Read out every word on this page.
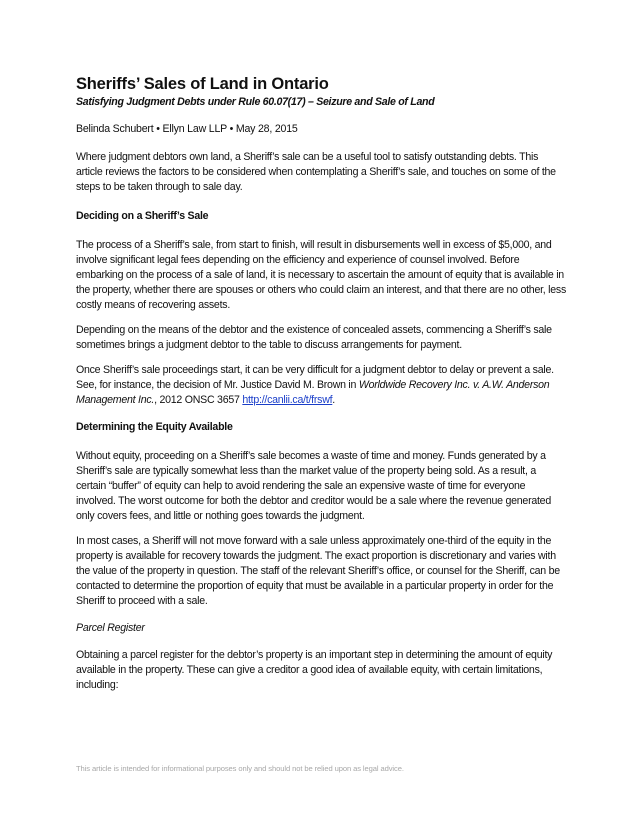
Sheriffs’ Sales of Land in Ontario
Satisfying Judgment Debts under Rule 60.07(17) – Seizure and Sale of Land
Belinda Schubert • Ellyn Law LLP • May 28, 2015

Where judgment debtors own land, a Sheriff’s sale can be a useful tool to satisfy outstanding debts. This article reviews the factors to be considered when contemplating a Sheriff’s sale, and touches on some of the steps to be taken through to sale day.

Deciding on a Sheriff’s Sale

The process of a Sheriff’s sale, from start to finish, will result in disbursements well in excess of $5,000, and involve significant legal fees depending on the efficiency and experience of counsel involved. Before embarking on the process of a sale of land, it is necessary to ascertain the amount of equity that is available in the property, whether there are spouses or others who could claim an interest, and that there are no other, less costly means of recovering assets.

Depending on the means of the debtor and the existence of concealed assets, commencing a Sheriff’s sale sometimes brings a judgment debtor to the table to discuss arrangements for payment.

Once Sheriff’s sale proceedings start, it can be very difficult for a judgment debtor to delay or prevent a sale. See, for instance, the decision of Mr. Justice David M. Brown in Worldwide Recovery Inc. v. A.W. Anderson Management Inc., 2012 ONSC 3657 http://canlii.ca/t/frswf.

Determining the Equity Available

Without equity, proceeding on a Sheriff’s sale becomes a waste of time and money. Funds generated by a Sheriff’s sale are typically somewhat less than the market value of the property being sold. As a result, a certain “buffer” of equity can help to avoid rendering the sale an expensive waste of time for everyone involved. The worst outcome for both the debtor and creditor would be a sale where the revenue generated only covers fees, and little or nothing goes towards the judgment.

In most cases, a Sheriff will not move forward with a sale unless approximately one-third of the equity in the property is available for recovery towards the judgment. The exact proportion is discretionary and varies with the value of the property in question. The staff of the relevant Sheriff’s office, or counsel for the Sheriff, can be contacted to determine the proportion of equity that must be available in a particular property in order for the Sheriff to proceed with a sale.

Parcel Register

Obtaining a parcel register for the debtor’s property is an important step in determining the amount of equity available in the property. These can give a creditor a good idea of available equity, with certain limitations, including:

This article is intended for informational purposes only and should not be relied upon as legal advice.
